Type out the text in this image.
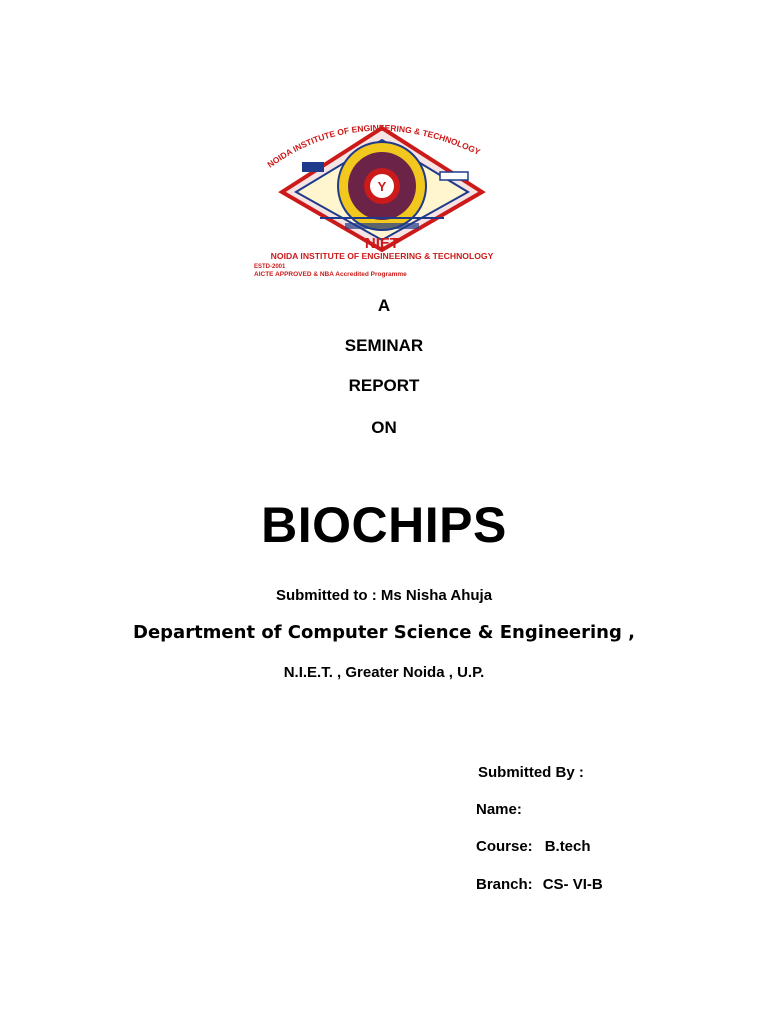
NOIDA INSTITUTE OF ENGINEERING & TECHNOLOGY
Y
NIET
NOIDA INSTITUTE OF ENGINEERING & TECHNOLOGY
ESTD-2001
AICTE APPROVED & NBA Accredited Programme
A
SEMINAR
REPORT
ON
BIOCHIPS
Submitted to : Ms Nisha Ahuja
Department of Computer Science & Engineering ,
N.I.E.T. , Greater Noida , U.P.
Submitted By :
Name:
Course: B.tech
Branch: CS- VI-B
